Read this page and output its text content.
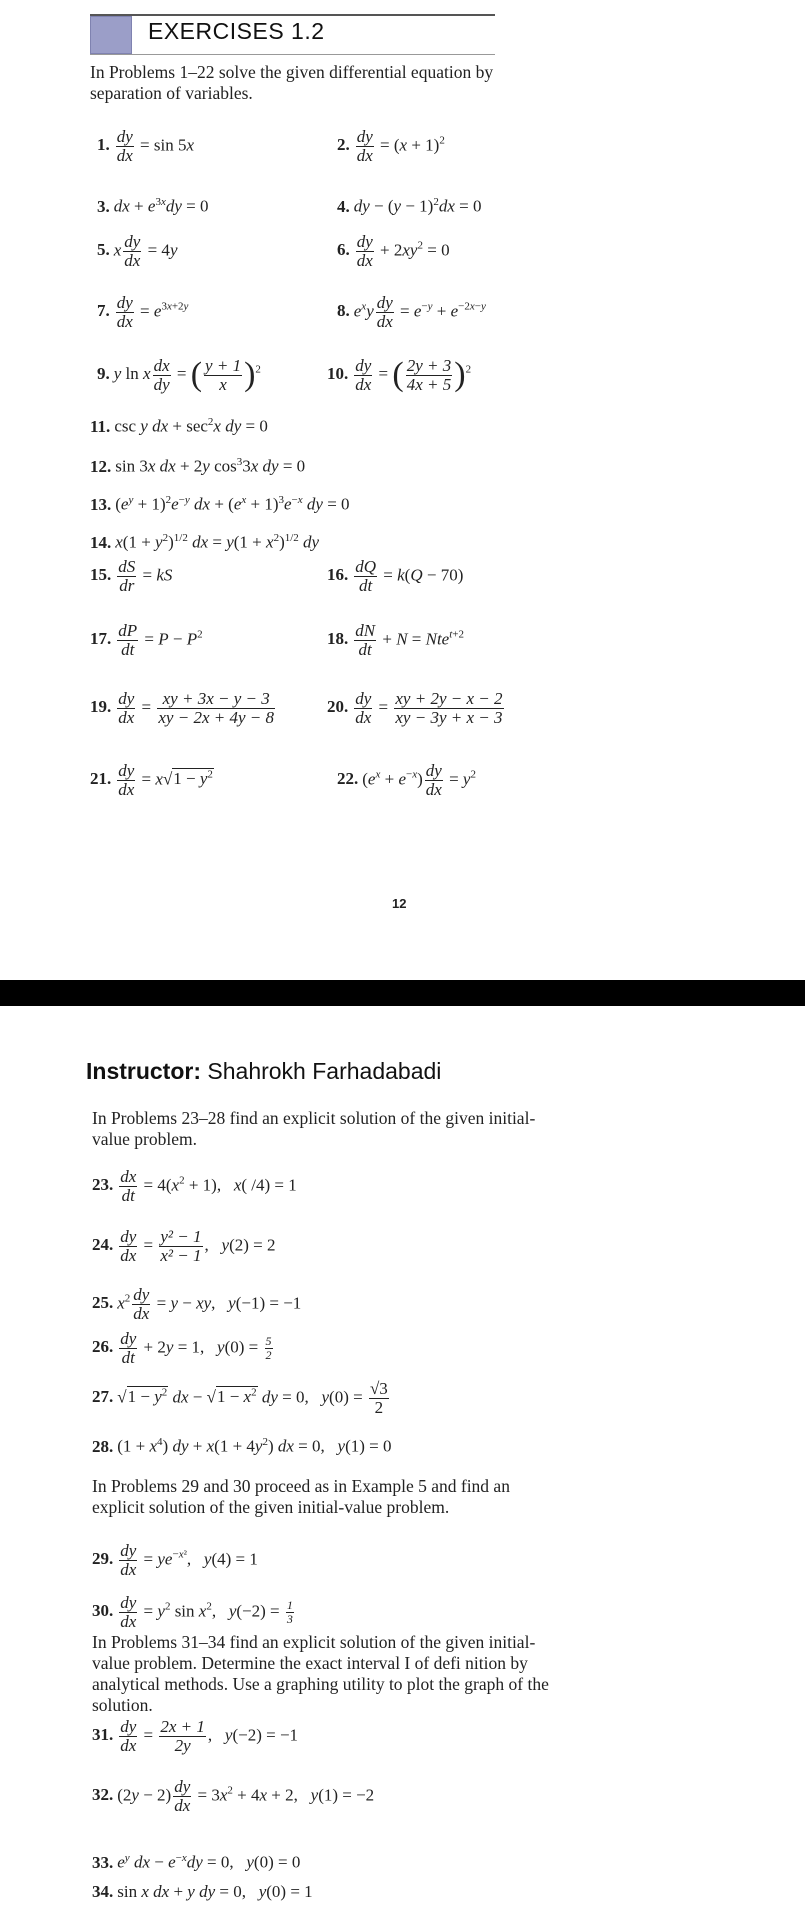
EXERCISES 1.2
In Problems 1–22 solve the given differential equation by separation of variables.
1. $\frac{dy}{dx} = \sin 5x$	2. $\frac{dy}{dx} = (x + 1)^2$
3. dx + $e^{3x}dy = 0$	4. dy − $(y - 1)^2dx = 0$
5. x $\frac{dy}{dx} = 4y$	6. $\frac{dy}{dx} + 2xy^2 = 0$
7. $\frac{dy}{dx} = e^{3x+2y}$	8. $e^xy \frac{dy}{dx} = e^{-y} + e^{-2x-y}$
9. y ln x $\frac{dx}{dy}$ = ( $\frac{y + 1}{x} )^2$	10. $\frac{dy}{dx}$ = ( $\frac{2y + 3}{4x + 5} )^2$
11. csc y dx + $\sec^2x$ dy = 0
12. sin 3x dx + 2y $\cos^33x$ dy = 0
13. $(e^y + 1)^2e^{-y}$ dx + $(e^x + 1)^3e^{-x}$ dy = 0
14. $x(1 + y^2)^{1/2}$ dx = $y(1 + x^2)^{1/2}$ dy
15. $\frac{dS}{dr}$ = kS	16. $\frac{dQ}{dt} = k(Q - 70)$
17. $\frac{dP}{dt} = P - P^2$	18. $\frac{dN}{dt} + N = Nte^{t+2}$
19. $\frac{dy}{dx} = \frac{xy + 3x - y - 3}{xy - 2x + 4y - 8}$	20. $\frac{dy}{dx} = \frac{xy + 2y - x - 2}{xy - 3y + x - 3}$
21. $\frac{dy}{dx} = x√1 - y^2$	22. $(e^x + e^{-x}) \frac{dy}{dx} = y^2$
12
Instructor: Shahrokh Farhadabadi
In Problems 23–28 find an explicit solution of the given initial-value problem.
23. $\frac{dx}{dt} = 4(x^2 + 1)$,   x( /4) = 1
24. $\frac{dy}{dx} = \frac{\text{y² − 1}}{\text{x² − 1}}$ ,   y(2) = 2
25. $x^2 \frac{dy}{dx} = y$ − xy,   y(−1) = −1
26. $\frac{dy}{dt} + 2y = 1$,   $y(0) = \frac{5}{2}$
27. $√1 - y^2$ dx − $√1 - x^2$ dy = 0,   $y(0) = \frac{√3}{2}$
28. $(1 + x^4)$ dy + $x(1 + 4y^2)$ dx = 0,   y(1) = 0
In Problems 29 and 30 proceed as in Example 5 and find an explicit solution of the given initial-value problem.
29. $\frac{dy}{dx} = ye^{-x^2}$,   y(4) = 1
30. $\frac{dy}{dx} = y^2$ $\sin x^2$,   $y(-2) = \frac{1}{3}$
In Problems 31–34 find an explicit solution of the given initial-value problem. Determine the exact interval I of defi nition by analytical methods. Use a graphing utility to plot the graph of the solution.
31. $\frac{dy}{dx} = \frac{2x + 1}{2y}$ ,   y(−2) = −1
32. $(2y - 2) \frac{dy}{dx} = 3x^2 + 4x + 2$,   y(1) = −2
33. $e^y$ dx − $e^{-x}dy = 0$,   y(0) = 0
34. sin x dx + y dy = 0,   y(0) = 1
